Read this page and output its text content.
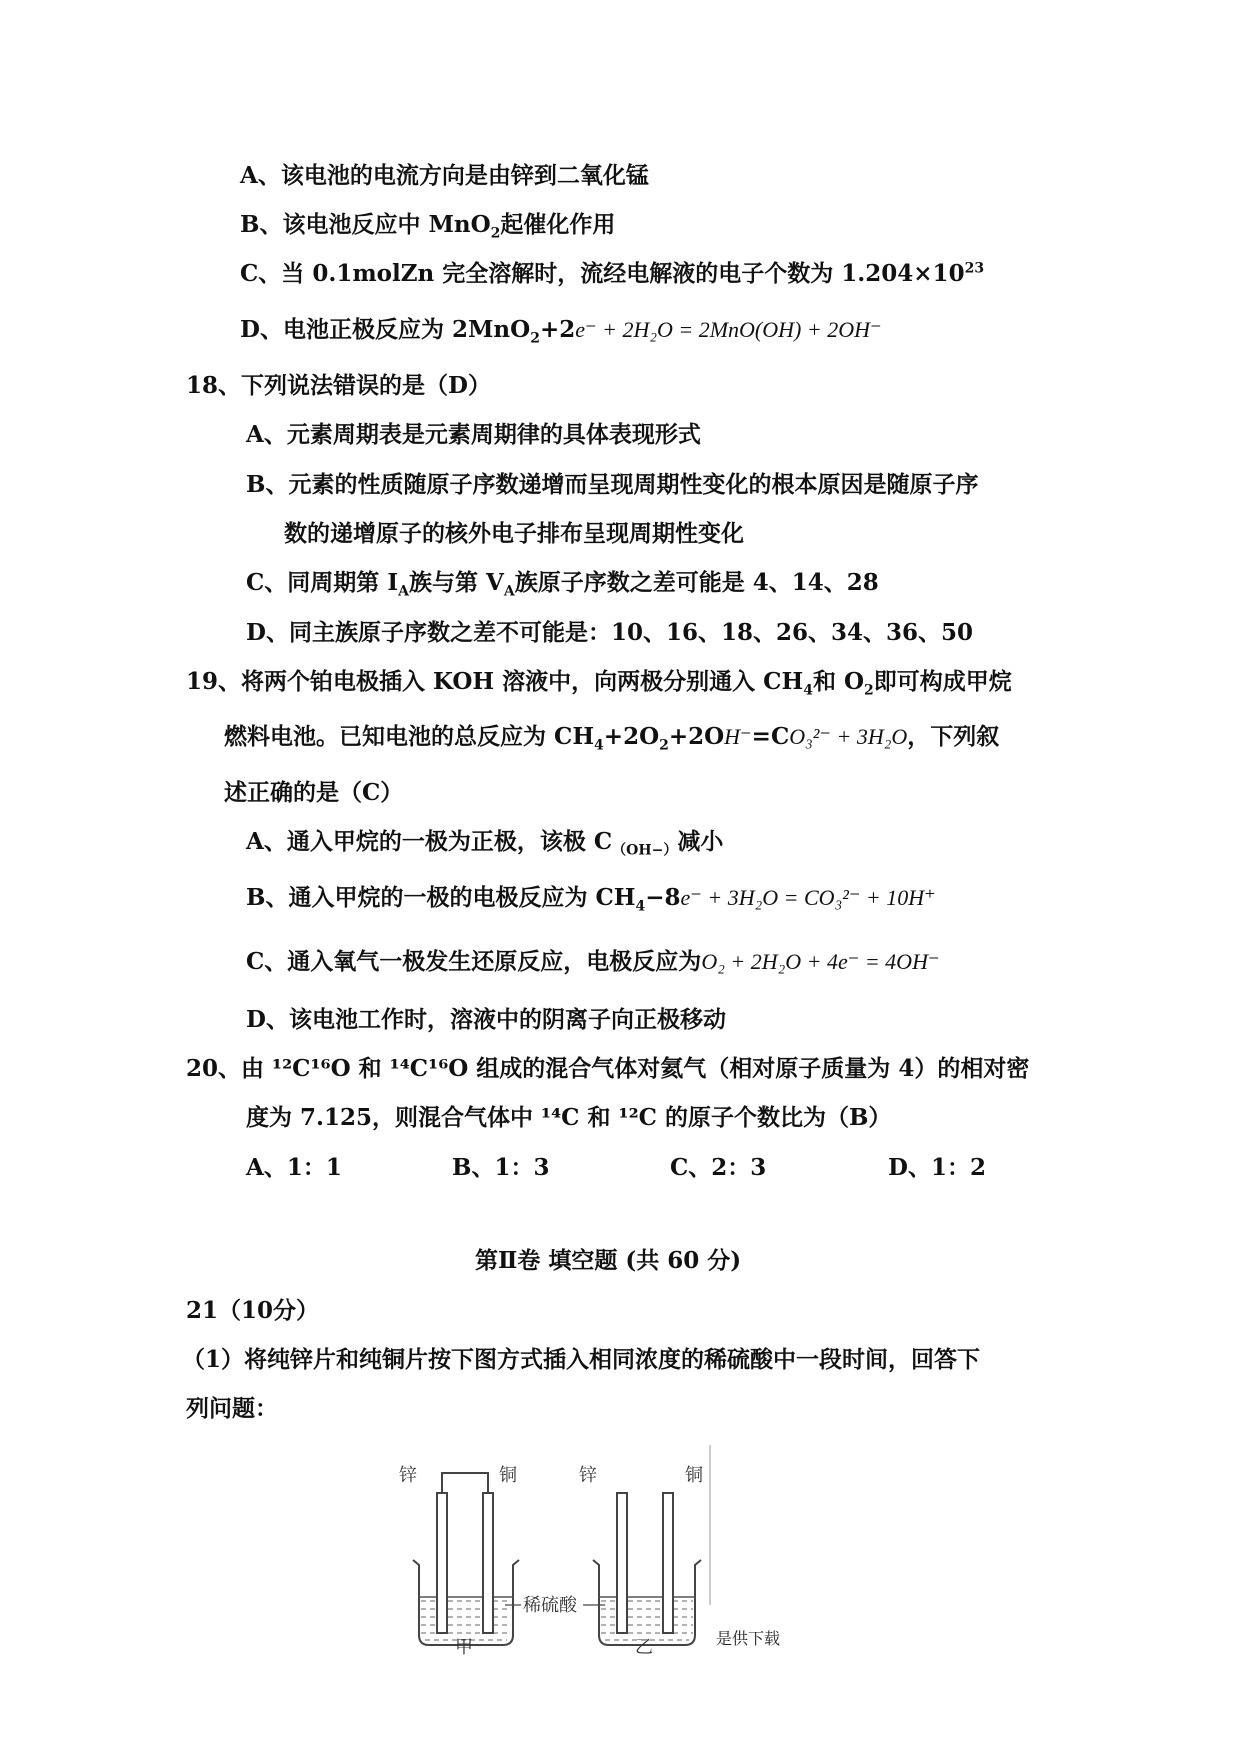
A、该电池的电流方向是由锌到二氧化锰
B、该电池反应中 MnO$_2$起催化作用
C、当 0.1molZn 完全溶解时，流经电解液的电子个数为 $1.204\times 10^{23}$
D、电池正极反应为 2MnO$_2$+2e⁻ + 2H₂O = 2MnO(OH) + 2OH⁻
18、下列说法错误的是（D）
A、元素周期表是元素周期律的具体表现形式
B、元素的性质随原子序数递增而呈现周期性变化的根本原因是随原子序
数的递增原子的核外电子排布呈现周期性变化
C、同周期第 $I_A$族与第 $V_A$族原子序数之差可能是 4、14、28
D、同主族原子序数之差不可能是：10、16、18、26、34、36、50
19、将两个铂电极插入 KOH 溶液中，向两极分别通入 $CH_4$和 $O_2$即可构成甲烷
燃料电池。已知电池的总反应为 $CH_4+2O_2+2OH^-=CO_3^{2-} + 3H_2O$，下列叙
述正确的是（C）
A、通入甲烷的一极为正极，该极 $C_{(OH-)}$减小
B、通入甲烷的一极的电极反应为 $CH_4-8e^- + 3H_2O = CO_3^{2-} + 10H^+$
C、通入氧气一极发生还原反应，电极反应为O₂ + 2H₂O + 4e⁻ = 4OH⁻
D、该电池工作时，溶液中的阴离子向正极移动
20、由 ¹²C¹⁶O 和 ¹⁴C¹⁶O 组成的混合气体对氦气（相对原子质量为 4）的相对密
度为 7.125，则混合气体中 ¹⁴C 和 ¹²C 的原子个数比为（B）
A、1：1	B、1：3	C、2：3	D、1：2
第Ⅱ卷 填空题 (共 60 分)
21（10分）
（1）将纯锌片和纯铜片按下图方式插入相同浓度的稀硫酸中一段时间，回答下
列问题：
锌	铜	锌	铜
稀硫酸
甲	乙	是供下载
